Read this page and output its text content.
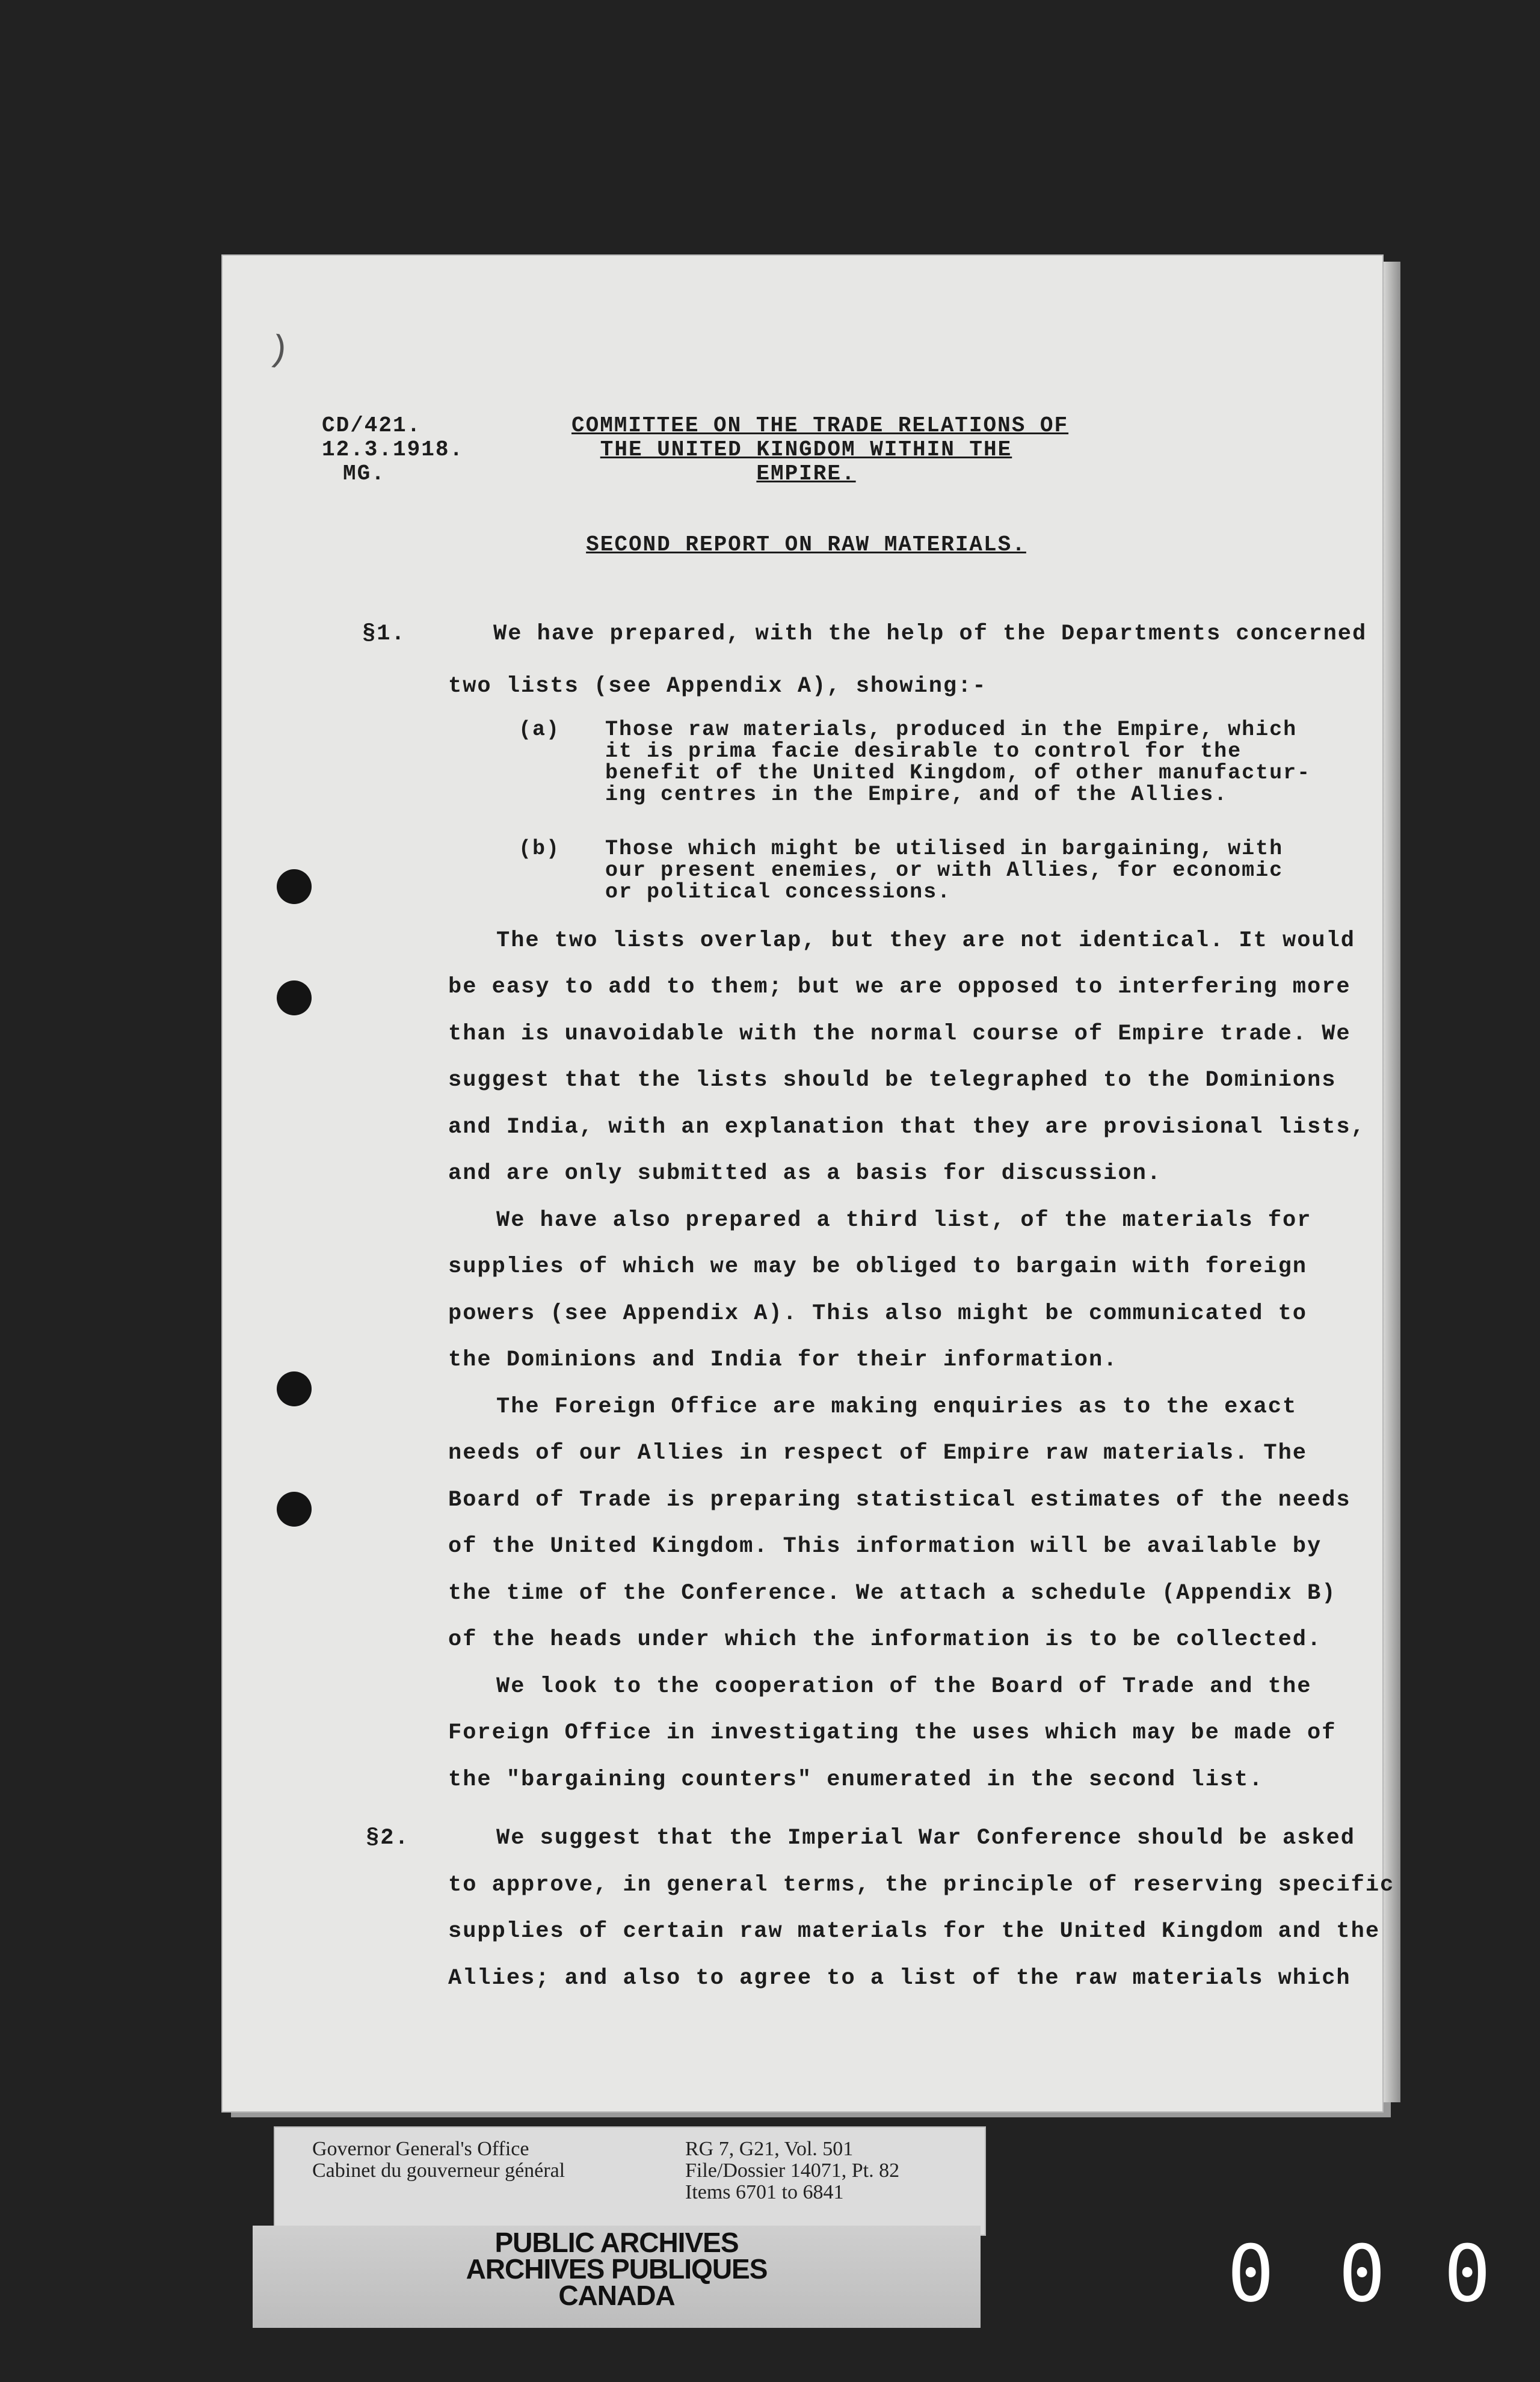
)
CD/421.
12.3.1918.
MG.
COMMITTEE ON THE TRADE RELATIONS OF
THE UNITED KINGDOM WITHIN THE
EMPIRE.
SECOND REPORT ON RAW MATERIALS.
§1.	We have prepared, with the help of the Departments concerned
two lists (see Appendix A), showing:-
(a) Those raw materials, produced in the Empire, which
it is prima facie desirable to control for the
benefit of the United Kingdom, of other manufactur-
ing centres in the Empire, and of the Allies.
(b) Those which might be utilised in bargaining, with
our present enemies, or with Allies, for economic
or political concessions.
The two lists overlap, but they are not identical. It would
be easy to add to them; but we are opposed to interfering more
than is unavoidable with the normal course of Empire trade. We
suggest that the lists should be telegraphed to the Dominions
and India, with an explanation that they are provisional lists,
and are only submitted as a basis for discussion.
We have also prepared a third list, of the materials for
supplies of which we may be obliged to bargain with foreign
powers (see Appendix A). This also might be communicated to
the Dominions and India for their information.
The Foreign Office are making enquiries as to the exact
needs of our Allies in respect of Empire raw materials. The
Board of Trade is preparing statistical estimates of the needs
of the United Kingdom. This information will be available by
the time of the Conference. We attach a schedule (Appendix B)
of the heads under which the information is to be collected.
We look to the cooperation of the Board of Trade and the
Foreign Office in investigating the uses which may be made of
the "bargaining counters" enumerated in the second list.
§2.	We suggest that the Imperial War Conference should be asked
to approve, in general terms, the principle of reserving specific
supplies of certain raw materials for the United Kingdom and the
Allies; and also to agree to a list of the raw materials which
Governor General's Office
Cabinet du gouverneur général
RG 7, G21, Vol. 501
File/Dossier 14071, Pt. 82
Items 6701 to 6841
PUBLIC ARCHIVES
ARCHIVES PUBLIQUES
CANADA	0 0 0
